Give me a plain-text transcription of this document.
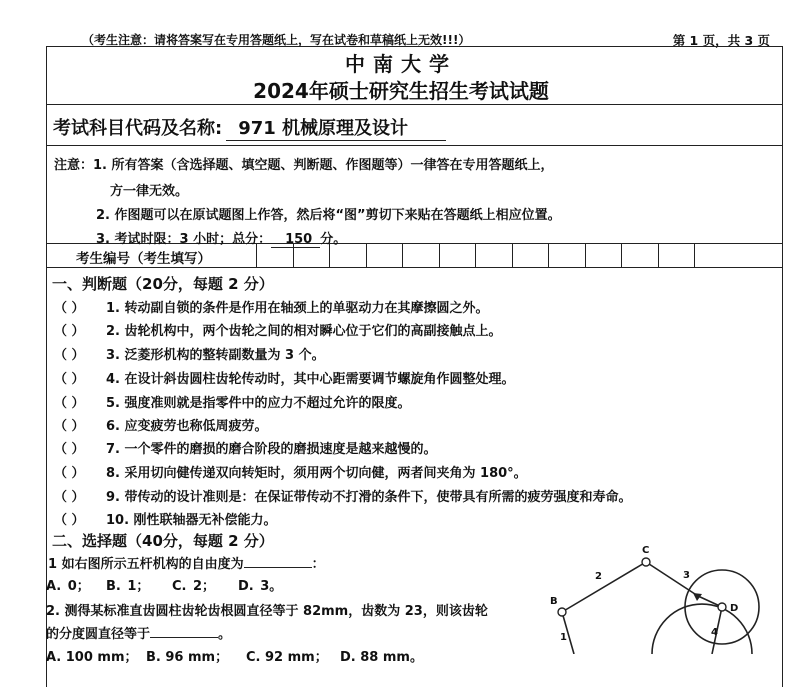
（考生注意：请将答案写在专用答题纸上，写在试卷和草稿纸上无效!!!）	第 1 页，共 3 页
中南大学
2024年硕士研究生招生考试试题
考试科目代码及名称: 971 机械原理及设计
注意：1. 所有答案（含选择题、填空题、判断题、作图题等）一律答在专用答题纸上，
方一律无效。
2. 作图题可以在原试题图上作答，然后将“图”剪切下来贴在答题纸上相应位置。
3. 考试时限：3 小时；总分： 150 分。
考生编号（考生填写）
一、判断题（20分，每题 2 分）
（ ） 1. 转动副自锁的条件是作用在轴颈上的单驱动力在其摩擦圆之外。
（ ） 2. 齿轮机构中，两个齿轮之间的相对瞬心位于它们的高副接触点上。
（ ） 3. 泛菱形机构的整转副数量为 3 个。
（ ） 4. 在设计斜齿圆柱齿轮传动时，其中心距需要调节螺旋角作圆整处理。
（ ） 5. 强度准则就是指零件中的应力不超过允许的限度。
（ ） 6. 应变疲劳也称低周疲劳。
（ ） 7. 一个零件的磨损的磨合阶段的磨损速度是越来越慢的。
（ ） 8. 采用切向健传递双向转矩时，须用两个切向健，两者间夹角为 180°。
（ ） 9. 带传动的设计准则是：在保证带传动不打滑的条件下，使带具有所需的疲劳强度和寿命。
（ ） 10. 刚性联轴器无补偿能力。
二、选择题（40分，每题 2 分）
1 如右图所示五杆机构的自由度为	：
A. 0； B. 1； C. 2； D. 3。
2. 测得某标准直齿圆柱齿轮齿根圆直径等于 82mm，齿数为 23，则该齿轮
的分度圆直径等于	。
A. 100 mm； B. 96 mm； C. 92 mm； D. 88 mm。
C
2	3
B
D
1	4
